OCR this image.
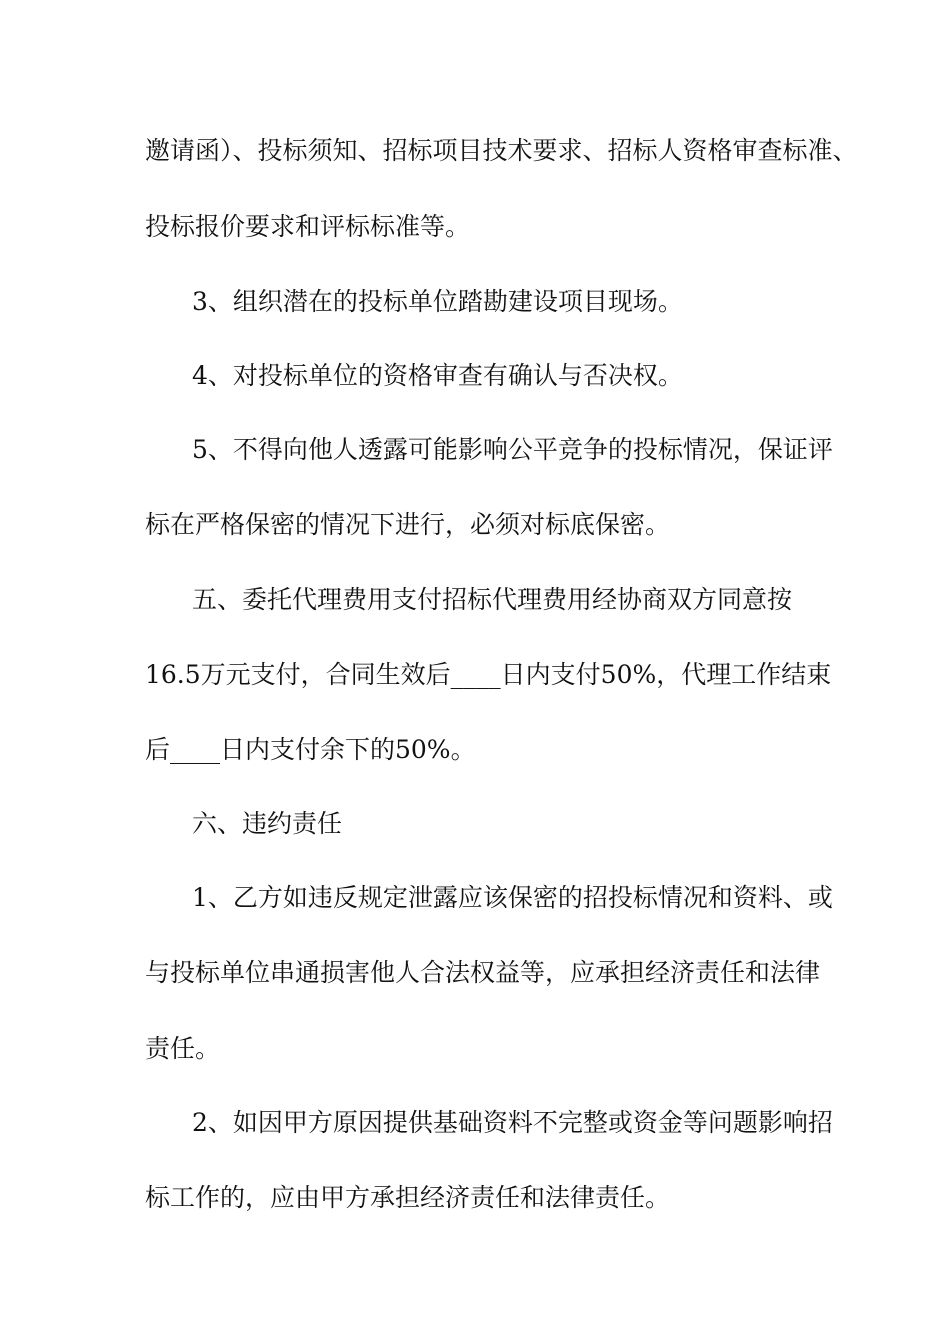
邀请函）、投标须知、招标项目技术要求、招标人资格审查标准、

投标报价要求和评标标准等。

3、组织潜在的投标单位踏勘建设项目现场。

4、对投标单位的资格审查有确认与否决权。

5、不得向他人透露可能影响公平竞争的投标情况，保证评

标在严格保密的情况下进行，必须对标底保密。

五、委托代理费用支付招标代理费用经协商双方同意按

16.5万元支付，合同生效后____日内支付50%，代理工作结束

后____日内支付余下的50%。

六、违约责任

1、乙方如违反规定泄露应该保密的招投标情况和资料、或

与投标单位串通损害他人合法权益等，应承担经济责任和法律

责任。

2、如因甲方原因提供基础资料不完整或资金等问题影响招

标工作的，应由甲方承担经济责任和法律责任。
